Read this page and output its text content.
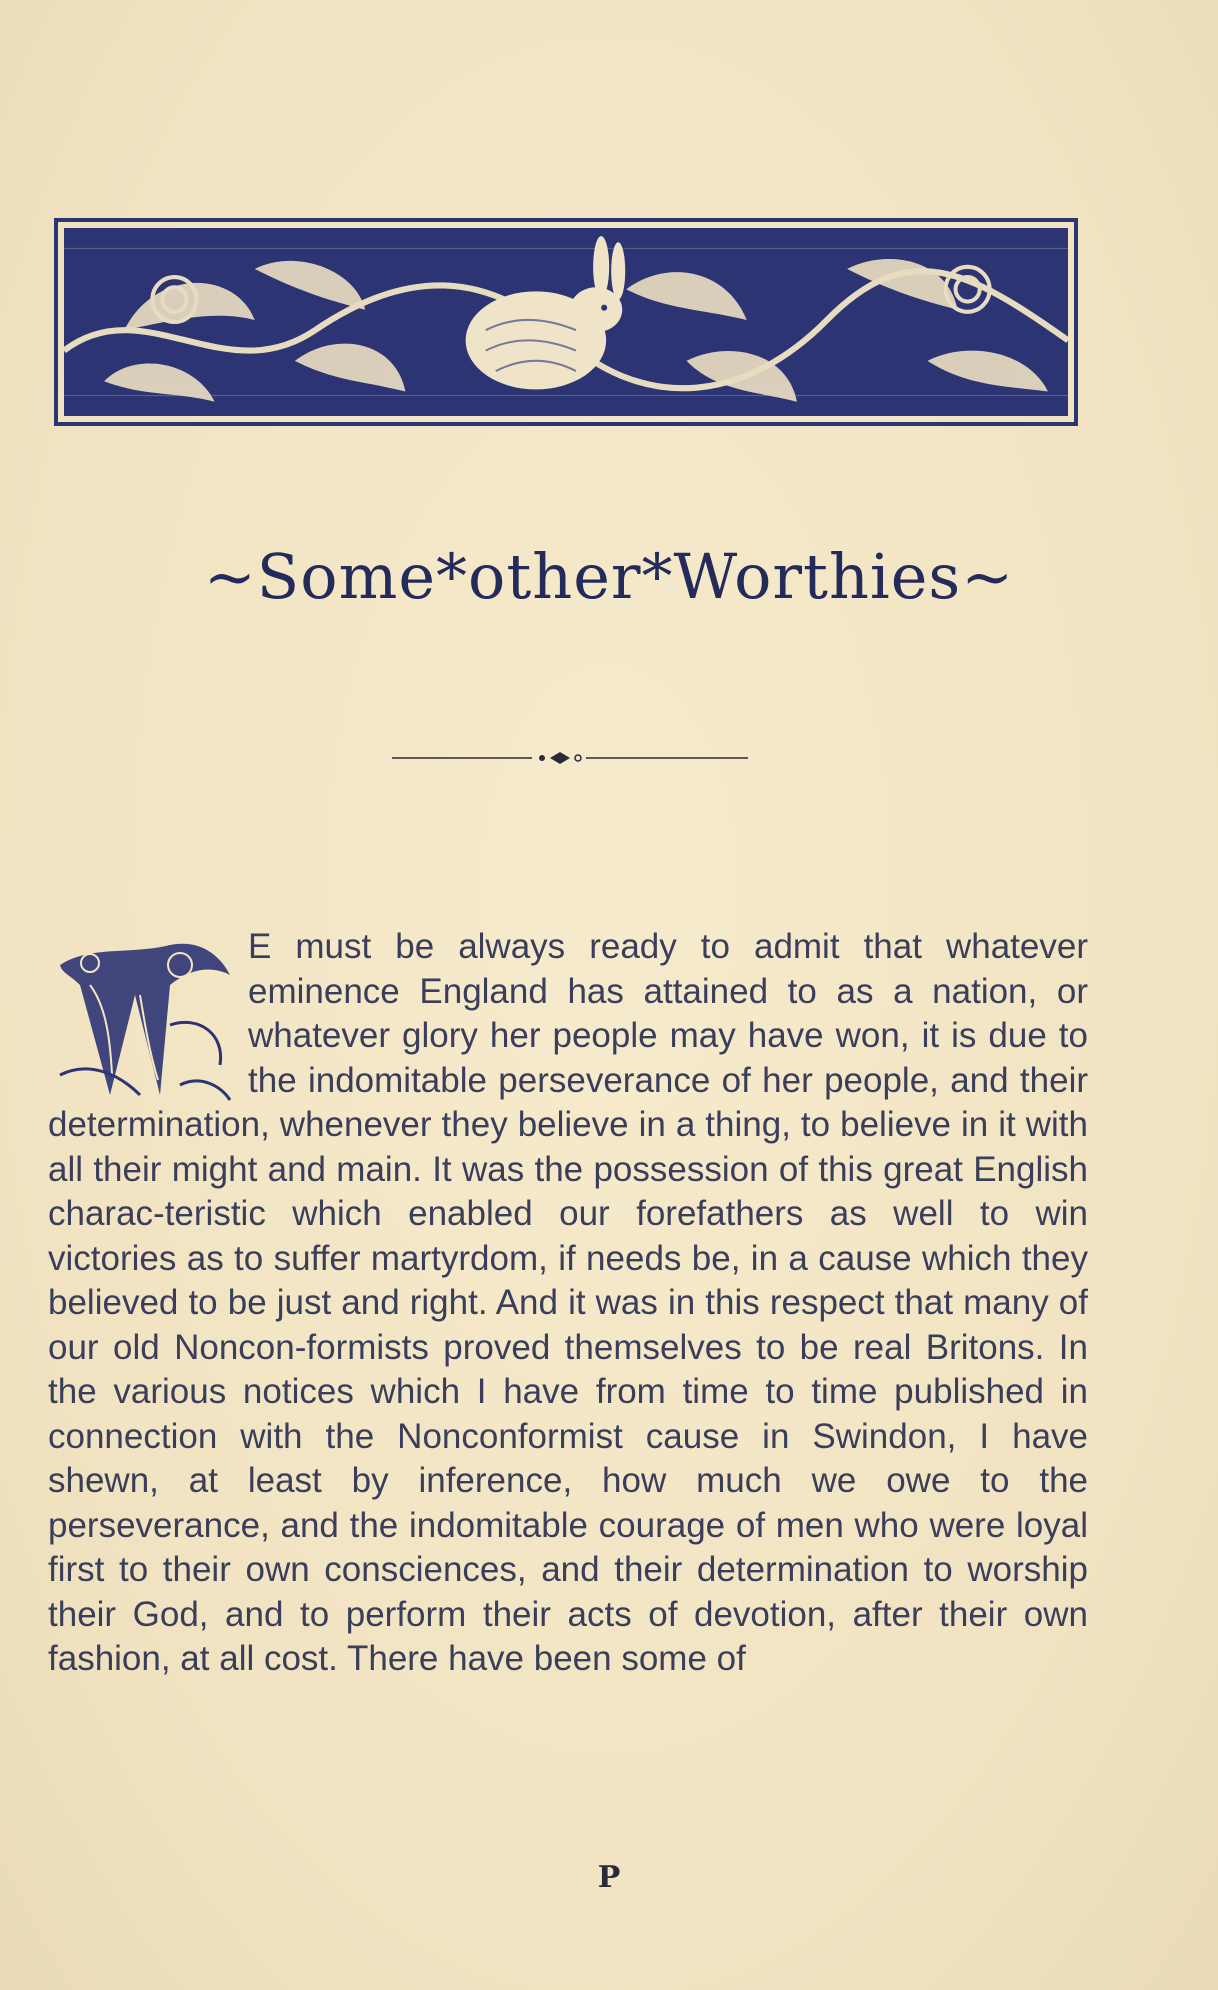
~Some*other*Worthies~
E must be always ready to admit that whatever eminence England has attained to as a nation, or whatever glory her people may have won, it is due to the indomitable perseverance of her people, and their determination, whenever they believe in a thing, to believe in it with all their might and main. It was the possession of this great English charac-teristic which enabled our forefathers as well to win victories as to suffer martyrdom, if needs be, in a cause which they believed to be just and right. And it was in this respect that many of our old Noncon-formists proved themselves to be real Britons. In the various notices which I have from time to time published in connection with the Nonconformist cause in Swindon, I have shewn, at least by inference, how much we owe to the perseverance, and the indomitable courage of men who were loyal first to their own consciences, and their determination to worship their God, and to perform their acts of devotion, after their own fashion, at all cost. There have been some of
P
